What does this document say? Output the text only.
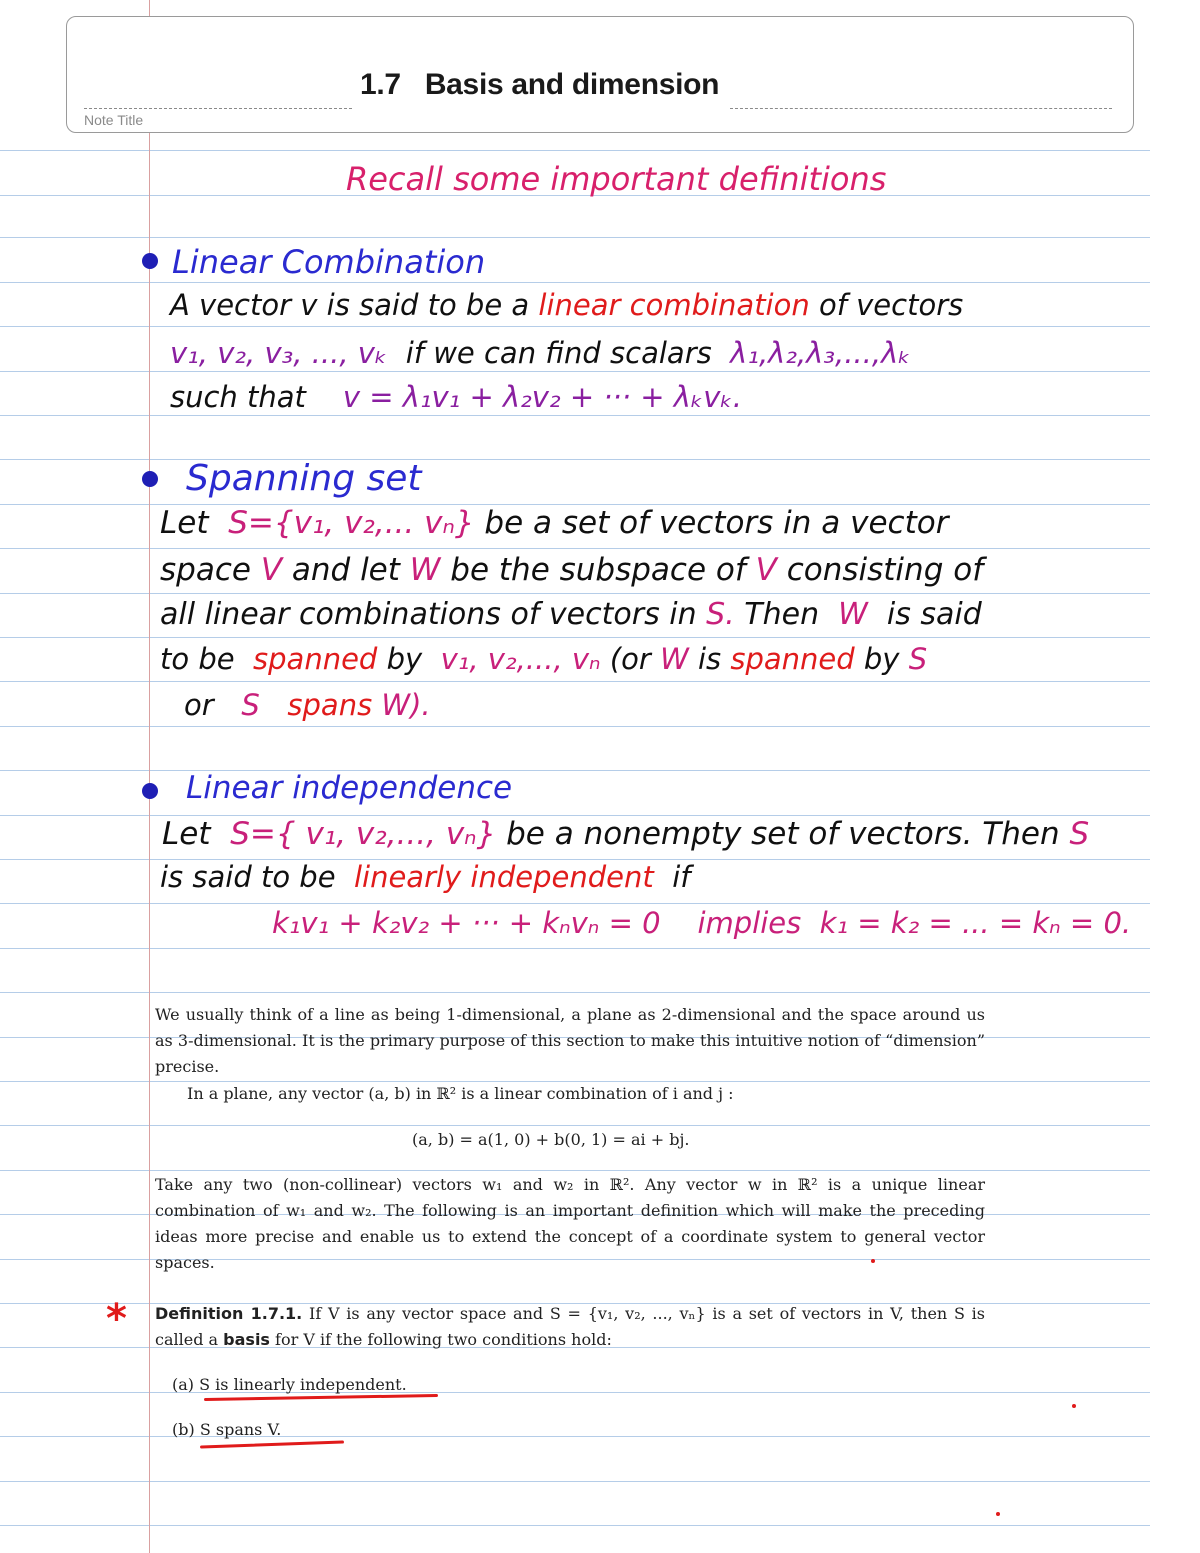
1.7 Basis and dimension
Note Title
Recall some important definitions
Linear Combination
A vector v is said to be a linear combination of vectors
v₁, v₂, v₃, ..., vₖ if we can find scalars λ₁,λ₂,λ₃,...,λₖ
such that v = λ₁v₁ + λ₂v₂ + ··· + λₖvₖ.
Spanning set
Let S={v₁, v₂,... vₙ} be a set of vectors in a vector
space V and let W be the subspace of V consisting of
all linear combinations of vectors in S. Then W is said
to be spanned by v₁, v₂,..., vₙ (or W is spanned by S
or S spans W).
Linear independence
Let S={ v₁, v₂,..., vₙ} be a nonempty set of vectors. Then S
is said to be linearly independent if
k₁v₁ + k₂v₂ + ··· + kₙvₙ = 0 implies k₁ = k₂ = ... = kₙ = 0.

We usually think of a line as being 1-dimensional, a plane as 2-dimensional and the space around us as 3-dimensional. It is the primary purpose of this section to make this intuitive notion of “dimension” precise.

In a plane, any vector (a, b) in ℝ² is a linear combination of i and j :

(a, b) = a(1, 0) + b(0, 1) = ai + bj.

Take any two (non-collinear) vectors w₁ and w₂ in ℝ². Any vector w in ℝ² is a unique linear combination of w₁ and w₂. The following is an important definition which will make the preceding ideas more precise and enable us to extend the concept of a coordinate system to general vector spaces.

* Definition 1.7.1. If V is any vector space and S = {v₁, v₂, ..., vₙ} is a set of vectors in V, then S is called a basis for V if the following two conditions hold:

(a) S is linearly independent.
(b) S spans V.
